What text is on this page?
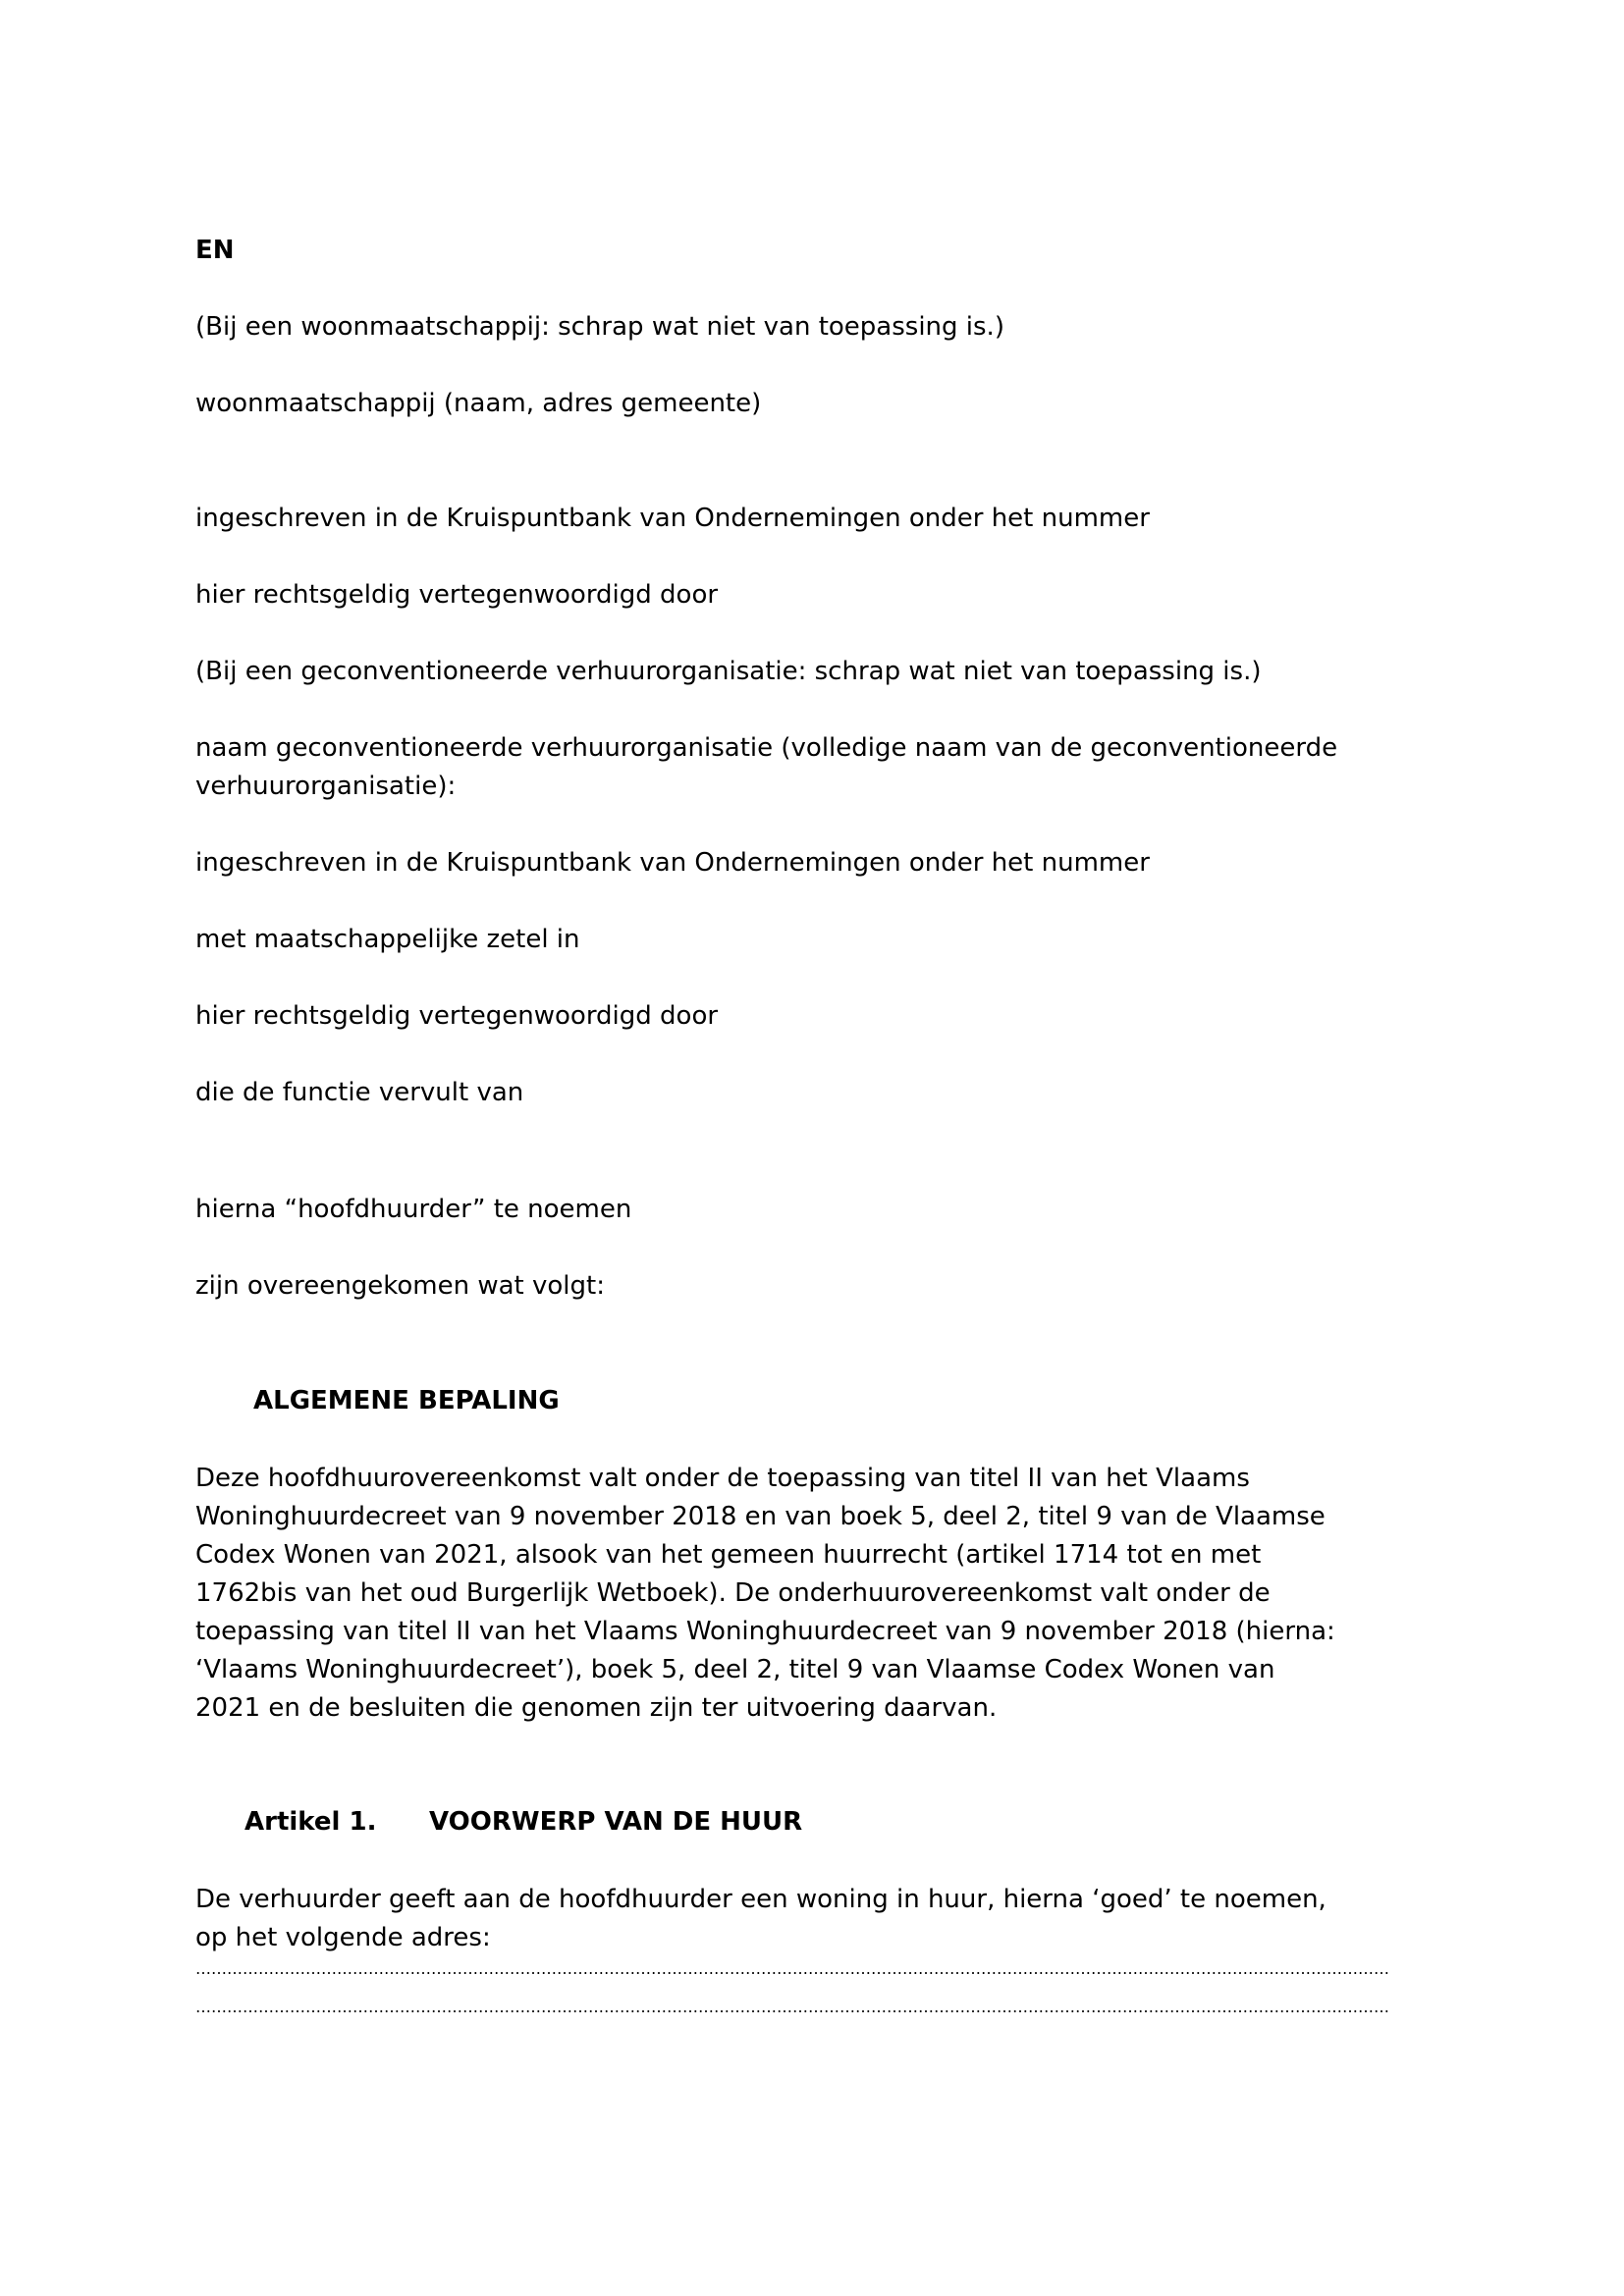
EN
(Bij een woonmaatschappij: schrap wat niet van toepassing is.)
woonmaatschappij (naam, adres gemeente)
ingeschreven in de Kruispuntbank van Ondernemingen onder het nummer
hier rechtsgeldig vertegenwoordigd door
(Bij een geconventioneerde verhuurorganisatie: schrap wat niet van toepassing is.)
naam geconventioneerde verhuurorganisatie (volledige naam van de geconventioneerde
verhuurorganisatie):
ingeschreven in de Kruispuntbank van Ondernemingen onder het nummer
met maatschappelijke zetel in
hier rechtsgeldig vertegenwoordigd door
die de functie vervult van
hierna “hoofdhuurder” te noemen
zijn overeengekomen wat volgt:
ALGEMENE BEPALING
Deze hoofdhuurovereenkomst valt onder de toepassing van titel II van het Vlaams
Woninghuurdecreet van 9 november 2018 en van boek 5, deel 2, titel 9 van de Vlaamse
Codex Wonen van 2021, alsook van het gemeen huurrecht (artikel 1714 tot en met
1762bis van het oud Burgerlijk Wetboek). De onderhuurovereenkomst valt onder de
toepassing van titel II van het Vlaams Woninghuurdecreet van 9 november 2018 (hierna:
‘Vlaams Woninghuurdecreet’), boek 5, deel 2, titel 9 van Vlaamse Codex Wonen van
2021 en de besluiten die genomen zijn ter uitvoering daarvan.
Artikel 1. VOORWERP VAN DE HUUR
De verhuurder geeft aan de hoofdhuurder een woning in huur, hierna ‘goed’ te noemen,
op het volgende adres:
…………………………………………………………………………………………………………………………………………………………………………………………………………
…………………………………………………………………………………………………………………………………………………………………………………………………………
